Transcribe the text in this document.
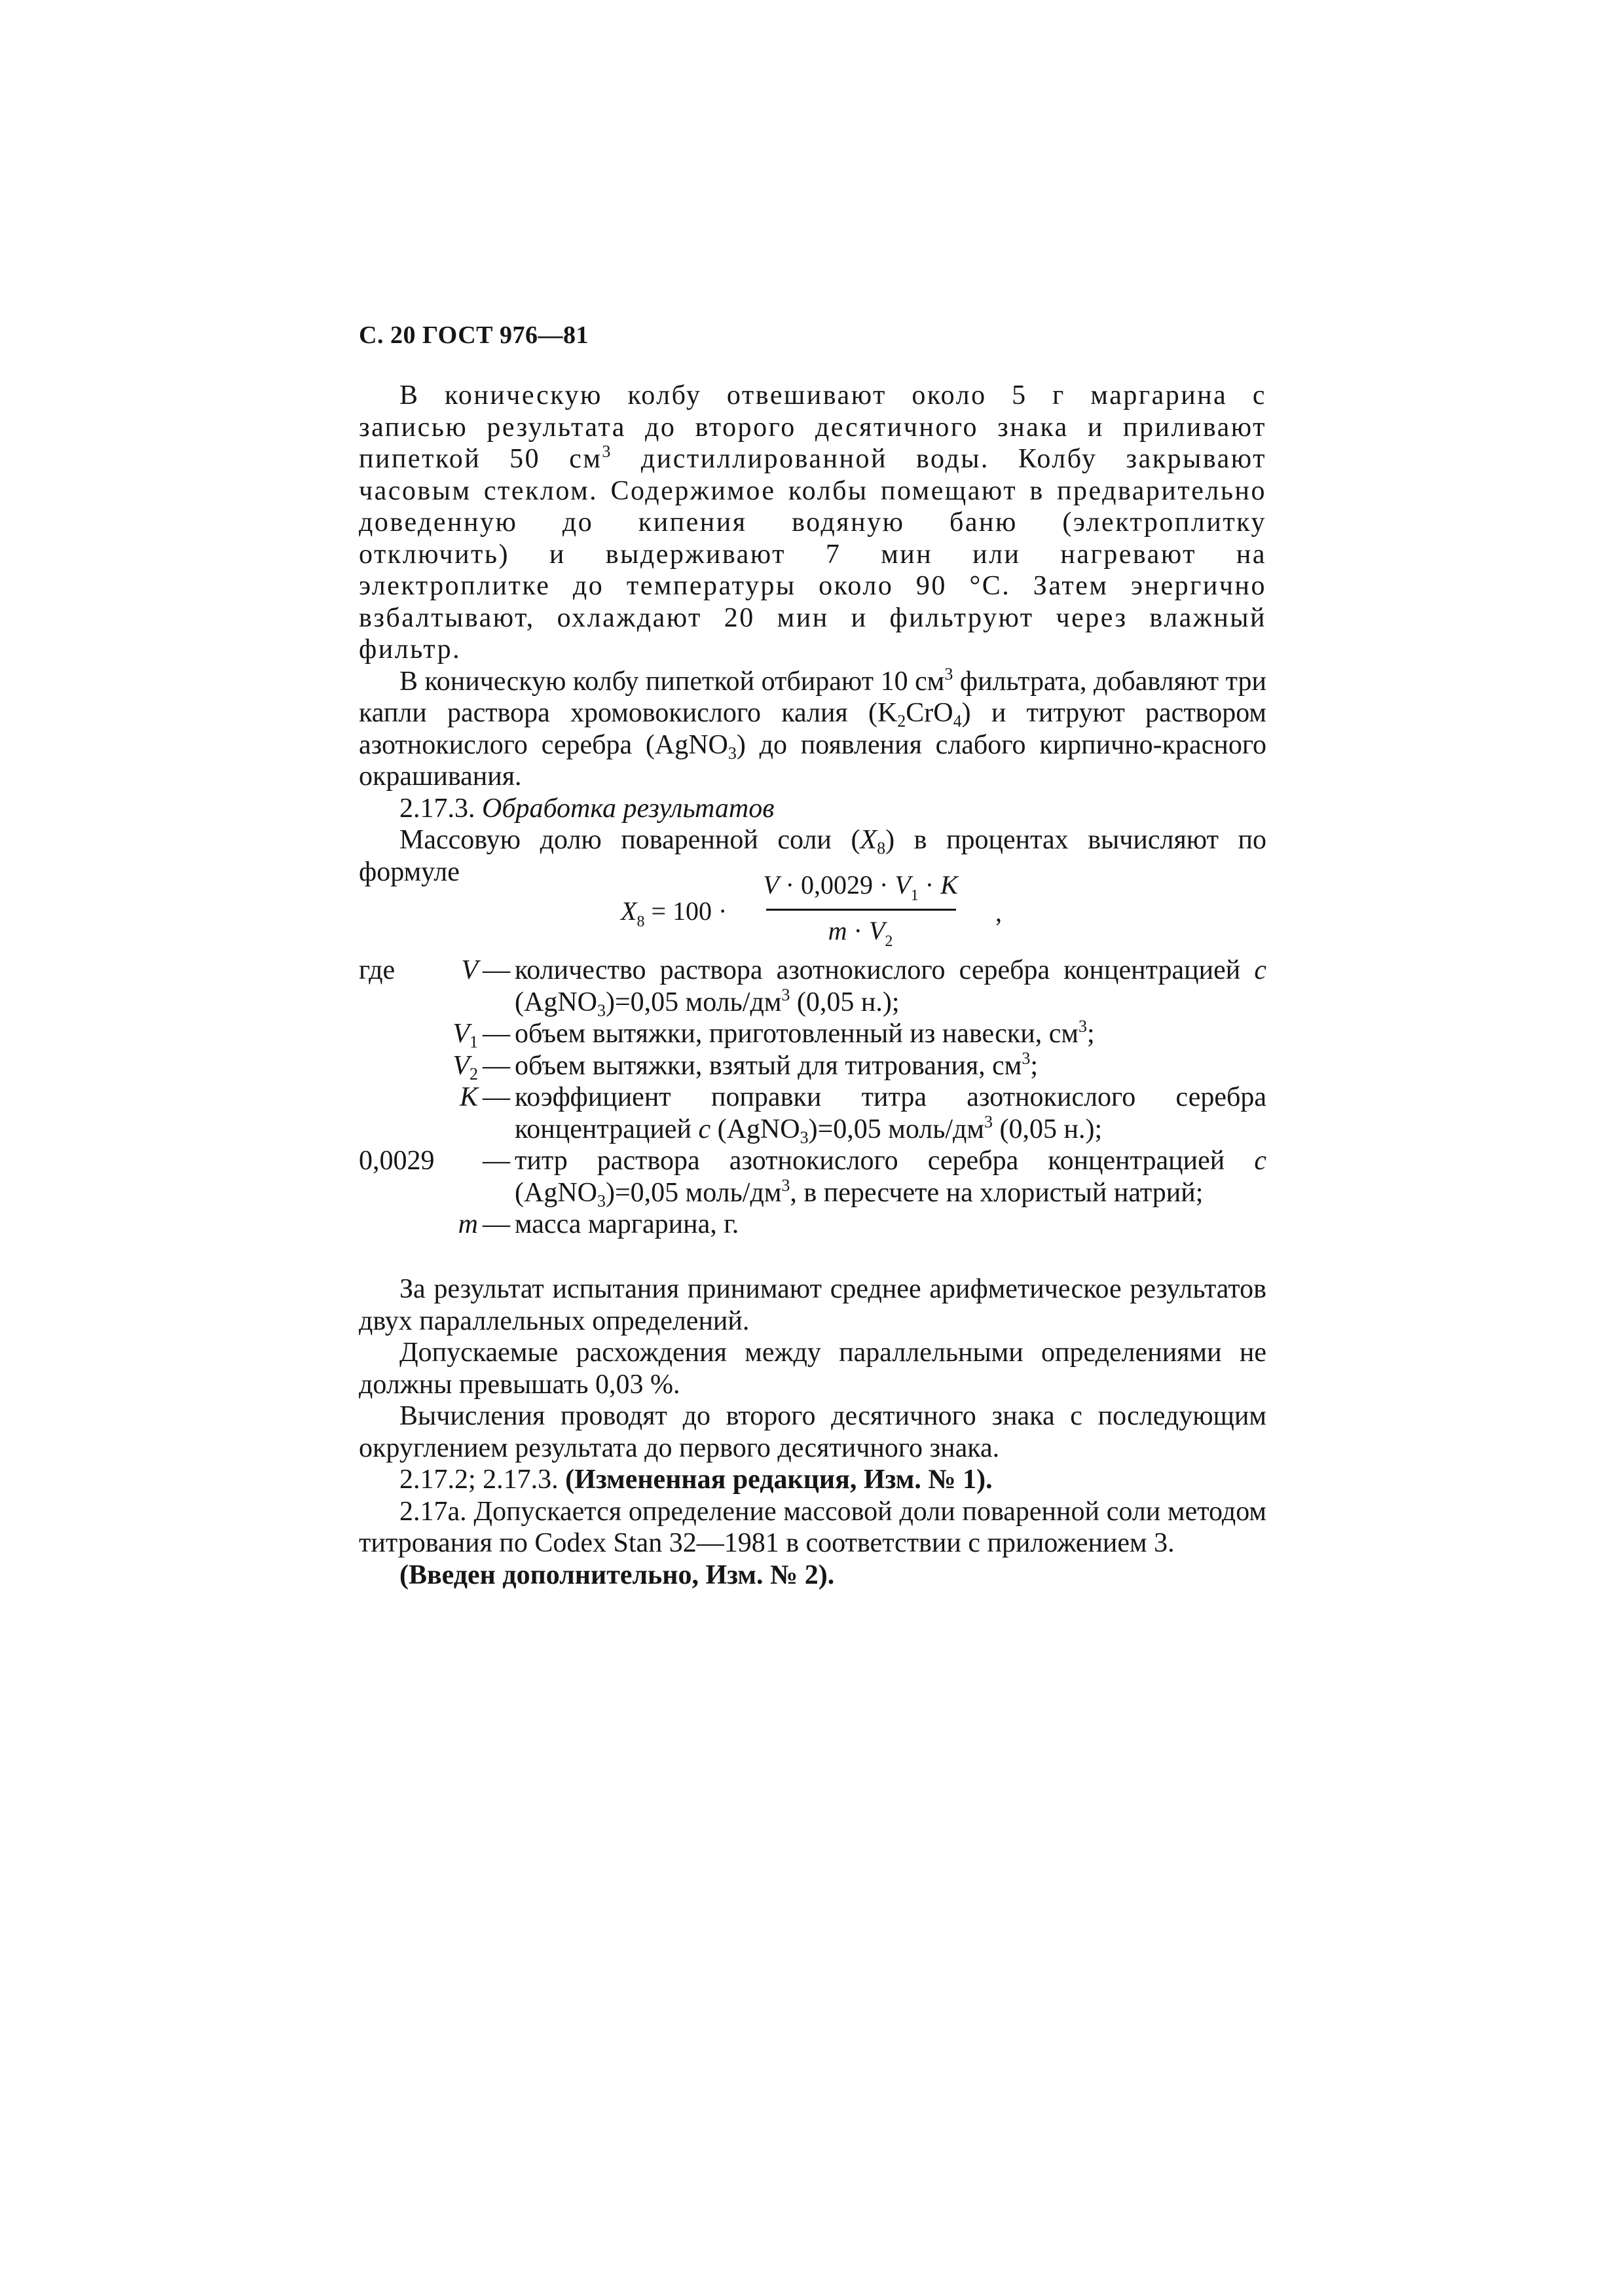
С. 20 ГОСТ 976—81

В коническую колбу отвешивают около 5 г маргарина с записью результата до второго десятичного знака и приливают пипеткой 50 $см^3$ дистиллированной воды. Колбу закрывают часовым стеклом. Содержимое колбы помещают в предварительно доведенную до кипения водяную баню (электроплитку отключить) и выдерживают 7 мин или нагревают на электроплитке до температуры около 90 °С. Затем энергично взбалтывают, охлаждают 20 мин и фильтруют через влажный фильтр.

В коническую колбу пипеткой отбирают 10 $см^3$ фильтрата, добавляют три капли раствора хромовокислого калия $(K_2CrO_4)$ и титруют раствором азотнокислого серебра (AgNO$_3$) до появления слабого кирпично-красного окрашивания.

2.17.3. Обработка результатов

Массовую долю поваренной соли $(X_8)$ в процентах вычисляют по формуле

$X_8 = 100$ ·
$V \cdot 0,0029 \cdot V_1 \cdot K$
$m \cdot V_2$
,
где	V — количество раствора азотнокислого серебра концентрацией c (AgNO$_3$)=0,05 моль/$дм^3$ (0,05 н.);
$V_1$ — объем вытяжки, приготовленный из навески, $см^3$;
$V_2$ — объем вытяжки, взятый для титрования, $см^3$;
K — коэффициент поправки титра азотнокислого серебра концентрацией c (AgNO$_3$)=0,05 моль/$дм^3$ (0,05 н.);
0,0029	— титр раствора азотнокислого серебра концентрацией c (AgNO$_3$)=0,05 моль/$дм^3$, в пересчете на хлористый натрий;
m — масса маргарина, г.

За результат испытания принимают среднее арифметическое результатов двух параллельных определений.

Допускаемые расхождения между параллельными определениями не должны превышать 0,03 %.

Вычисления проводят до второго десятичного знака с последующим округлением результата до первого десятичного знака.

2.17.2; 2.17.3. (Измененная редакция, Изм. № 1).

2.17а. Допускается определение массовой доли поваренной соли методом титрования по Codex Stan 32—1981 в соответствии с приложением 3.

(Введен дополнительно, Изм. № 2).
